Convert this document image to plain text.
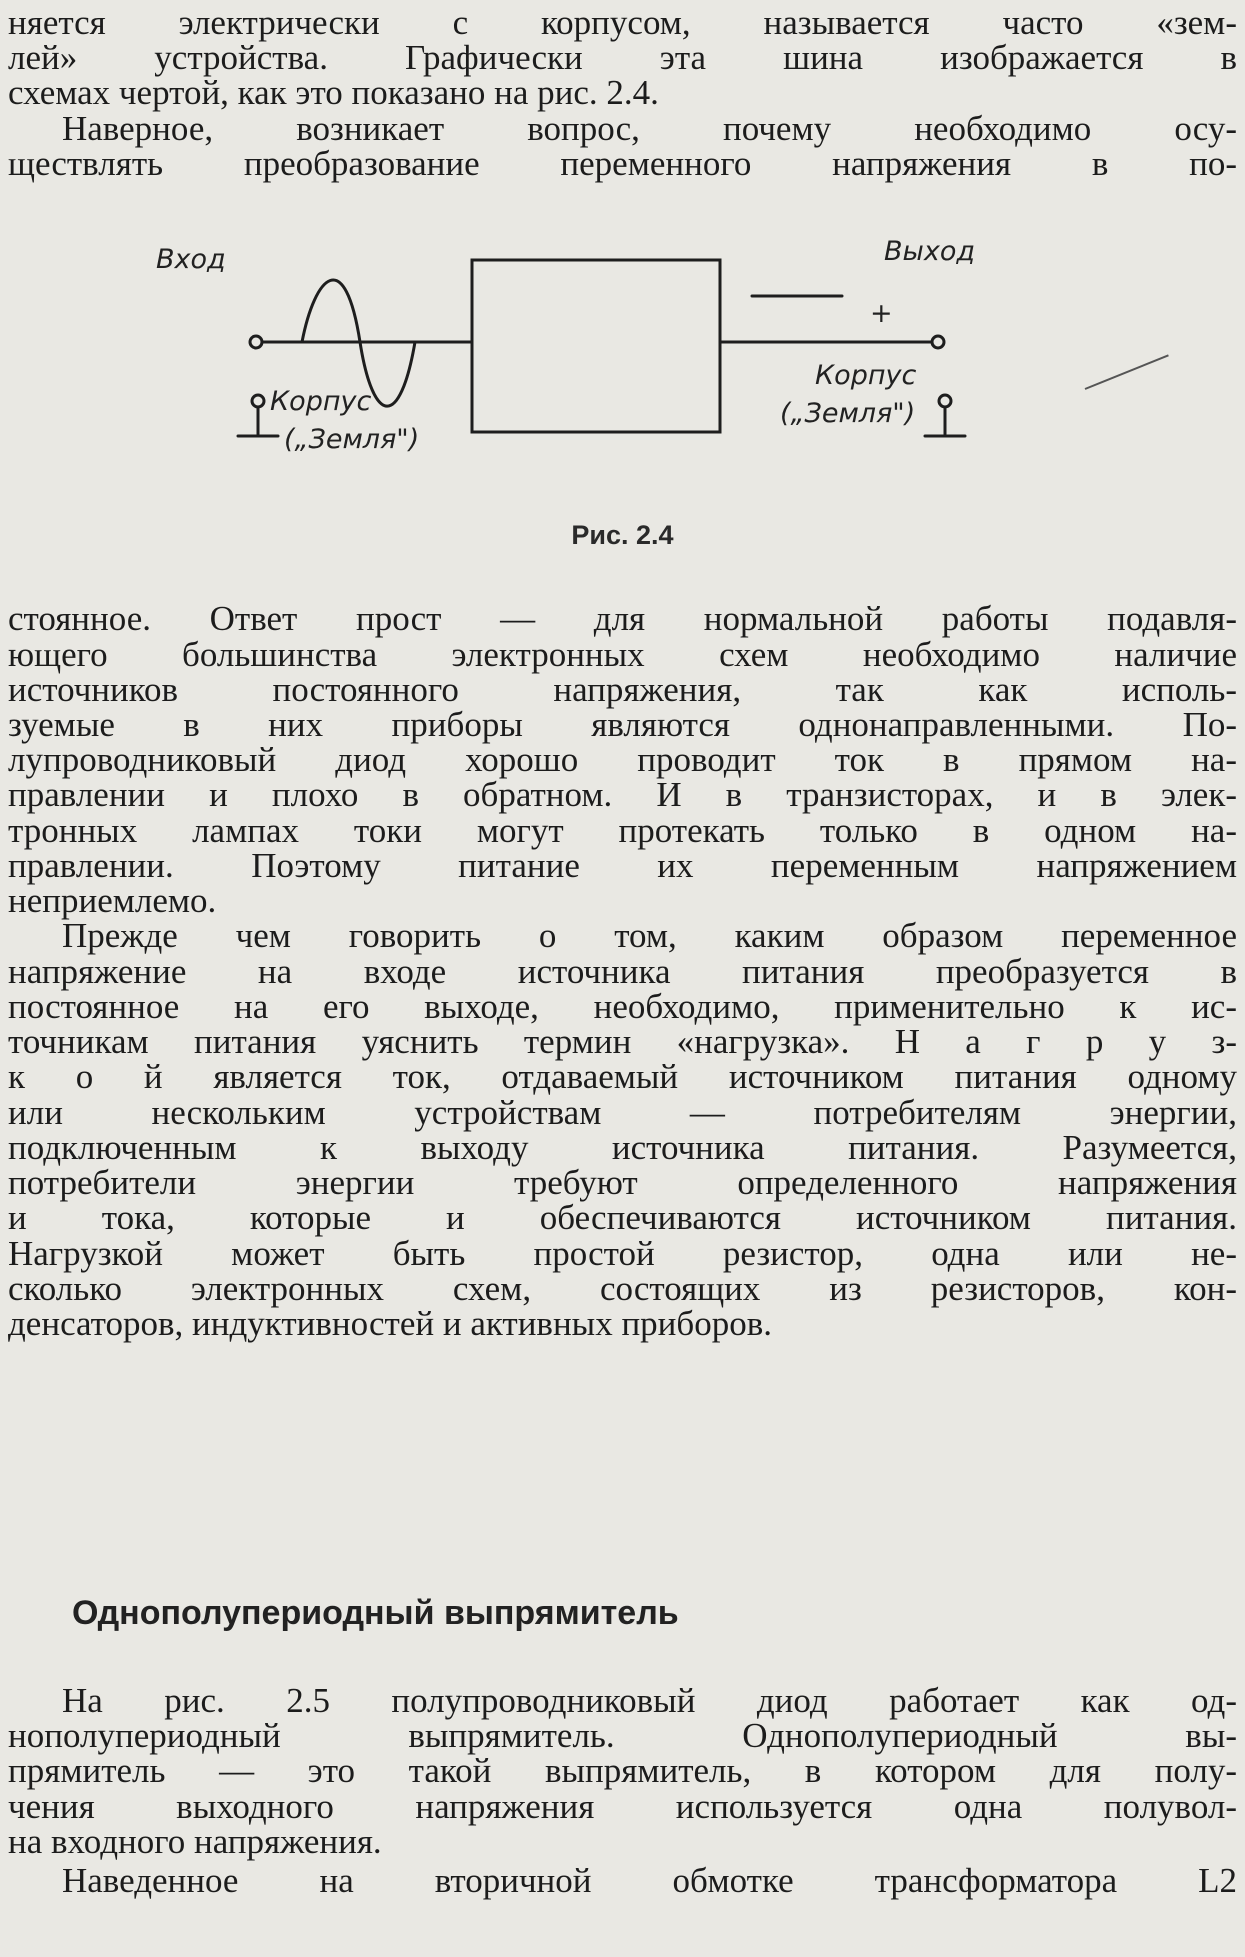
няется электрически с корпусом, называется часто «зем-
лей» устройства. Графически эта шина изображается в
схемах чертой, как это показано на рис. 2.4.
Наверное, возникает вопрос, почему необходимо осу-
ществлять преобразование переменного напряжения в по-
Вход
+
Выход
Корпус
(„Земля")
Корпус
(„Земля")
Рис. 2.4
стоянное. Ответ прост — для нормальной работы подавля-
ющего большинства электронных схем необходимо наличие
источников постоянного напряжения, так как исполь-
зуемые в них приборы являются однонаправленными. По-
лупроводниковый диод хорошо проводит ток в прямом на-
правлении и плохо в обратном. И в транзисторах, и в элек-
тронных лампах токи могут протекать только в одном на-
правлении. Поэтому питание их переменным напряжением
неприемлемо.
Прежде чем говорить о том, каким образом переменное
напряжение на входе источника питания преобразуется в
постоянное на его выходе, необходимо, применительно к ис-
точникам питания уяснить термин «нагрузка». Н а г р у з-
к о й является ток, отдаваемый источником питания одному
или нескольким устройствам — потребителям энергии,
подключенным к выходу источника питания. Разумеется,
потребители энергии требуют определенного напряжения
и тока, которые и обеспечиваются источником питания.
Нагрузкой может быть простой резистор, одна или не-
сколько электронных схем, состоящих из резисторов, кон-
денсаторов, индуктивностей и активных приборов.
Однополупериодный выпрямитель
На рис. 2.5 полупроводниковый диод работает как од-
нополупериодный выпрямитель. Однополупериодный вы-
прямитель — это такой выпрямитель, в котором для полу-
чения выходного напряжения используется одна полувол-
на входного напряжения.
Наведенное на вторичной обмотке трансформатора L2
